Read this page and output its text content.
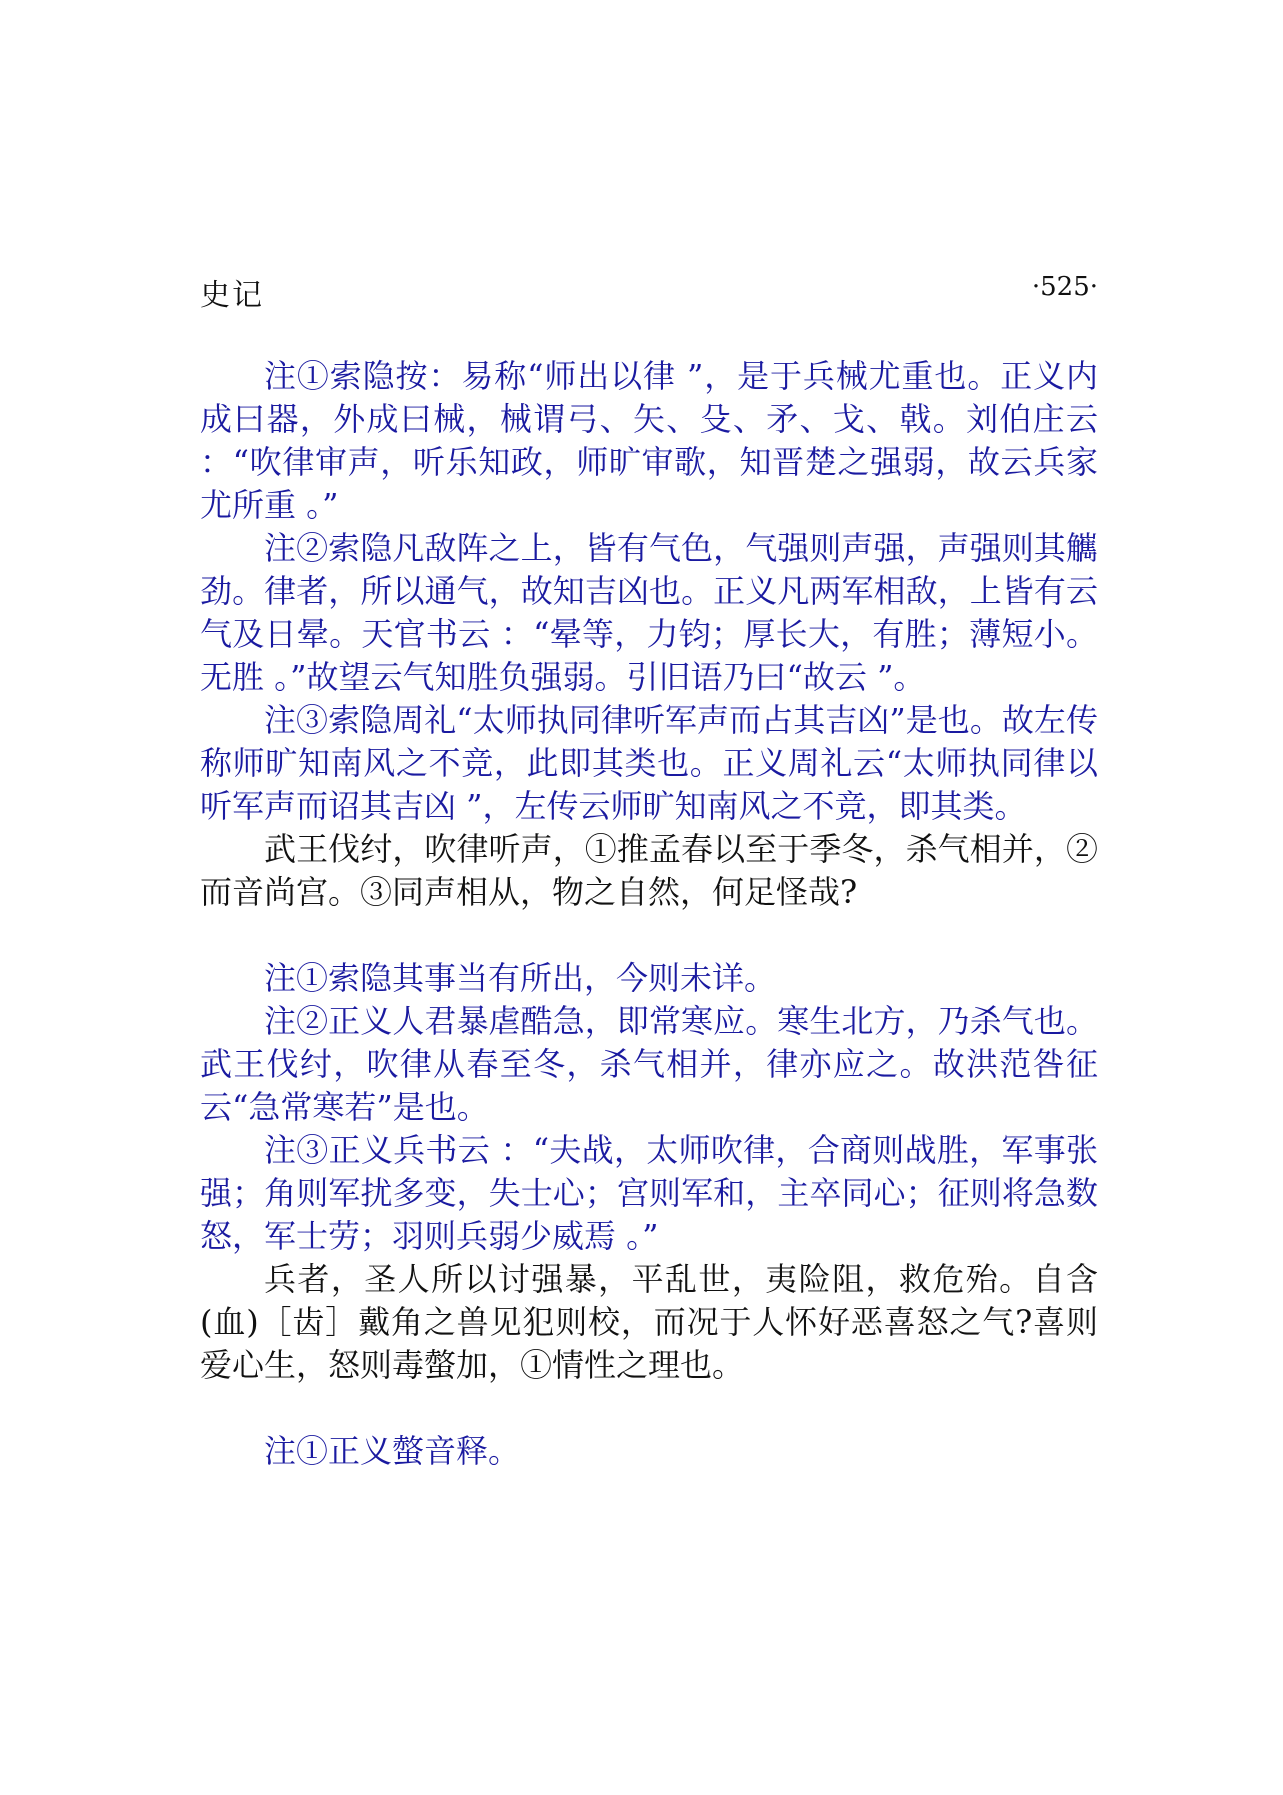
史记	·525·

注①索隐按：易称“师出以律 ”，是于兵械尤重也。正义内成曰器，外成曰械，械谓弓、矢、殳、矛、戈、戟。刘伯庄云 ：“吹律审声，听乐知政，师旷审歌，知晋楚之强弱，故云兵家尤所重 。”

注②索隐凡敌阵之上，皆有气色，气强则声强，声强则其觽劲。律者，所以通气，故知吉凶也。正义凡两军相敌，上皆有云气及日晕。天官书云 ：“晕等，力钧；厚长大，有胜；薄短小。无胜 。”故望云气知胜负强弱。引旧语乃曰“故云 ”。

注③索隐周礼“太师执同律听军声而占其吉凶”是也。故左传称师旷知南风之不竞，此即其类也。正义周礼云“太师执同律以听军声而诏其吉凶 ”，左传云师旷知南风之不竞，即其类。

武王伐纣，吹律听声，①推孟春以至于季冬，杀气相并，②而音尚宫。③同声相从，物之自然，何足怪哉?

注①索隐其事当有所出，今则未详。

注②正义人君暴虐酷急，即常寒应。寒生北方，乃杀气也。武王伐纣，吹律从春至冬，杀气相并，律亦应之。故洪范咎征云“急常寒若”是也。

注③正义兵书云 ：“夫战，太师吹律，合商则战胜，军事张强；角则军扰多变，失士心；宫则军和，主卒同心；征则将急数怒，军士劳；羽则兵弱少威焉 。”

兵者，圣人所以讨强暴，平乱世，夷险阻，救危殆。自含(血)［齿］戴角之兽见犯则校，而况于人怀好恶喜怒之气?喜则爱心生，怒则毒螫加，①情性之理也。

注①正义螫音释。
